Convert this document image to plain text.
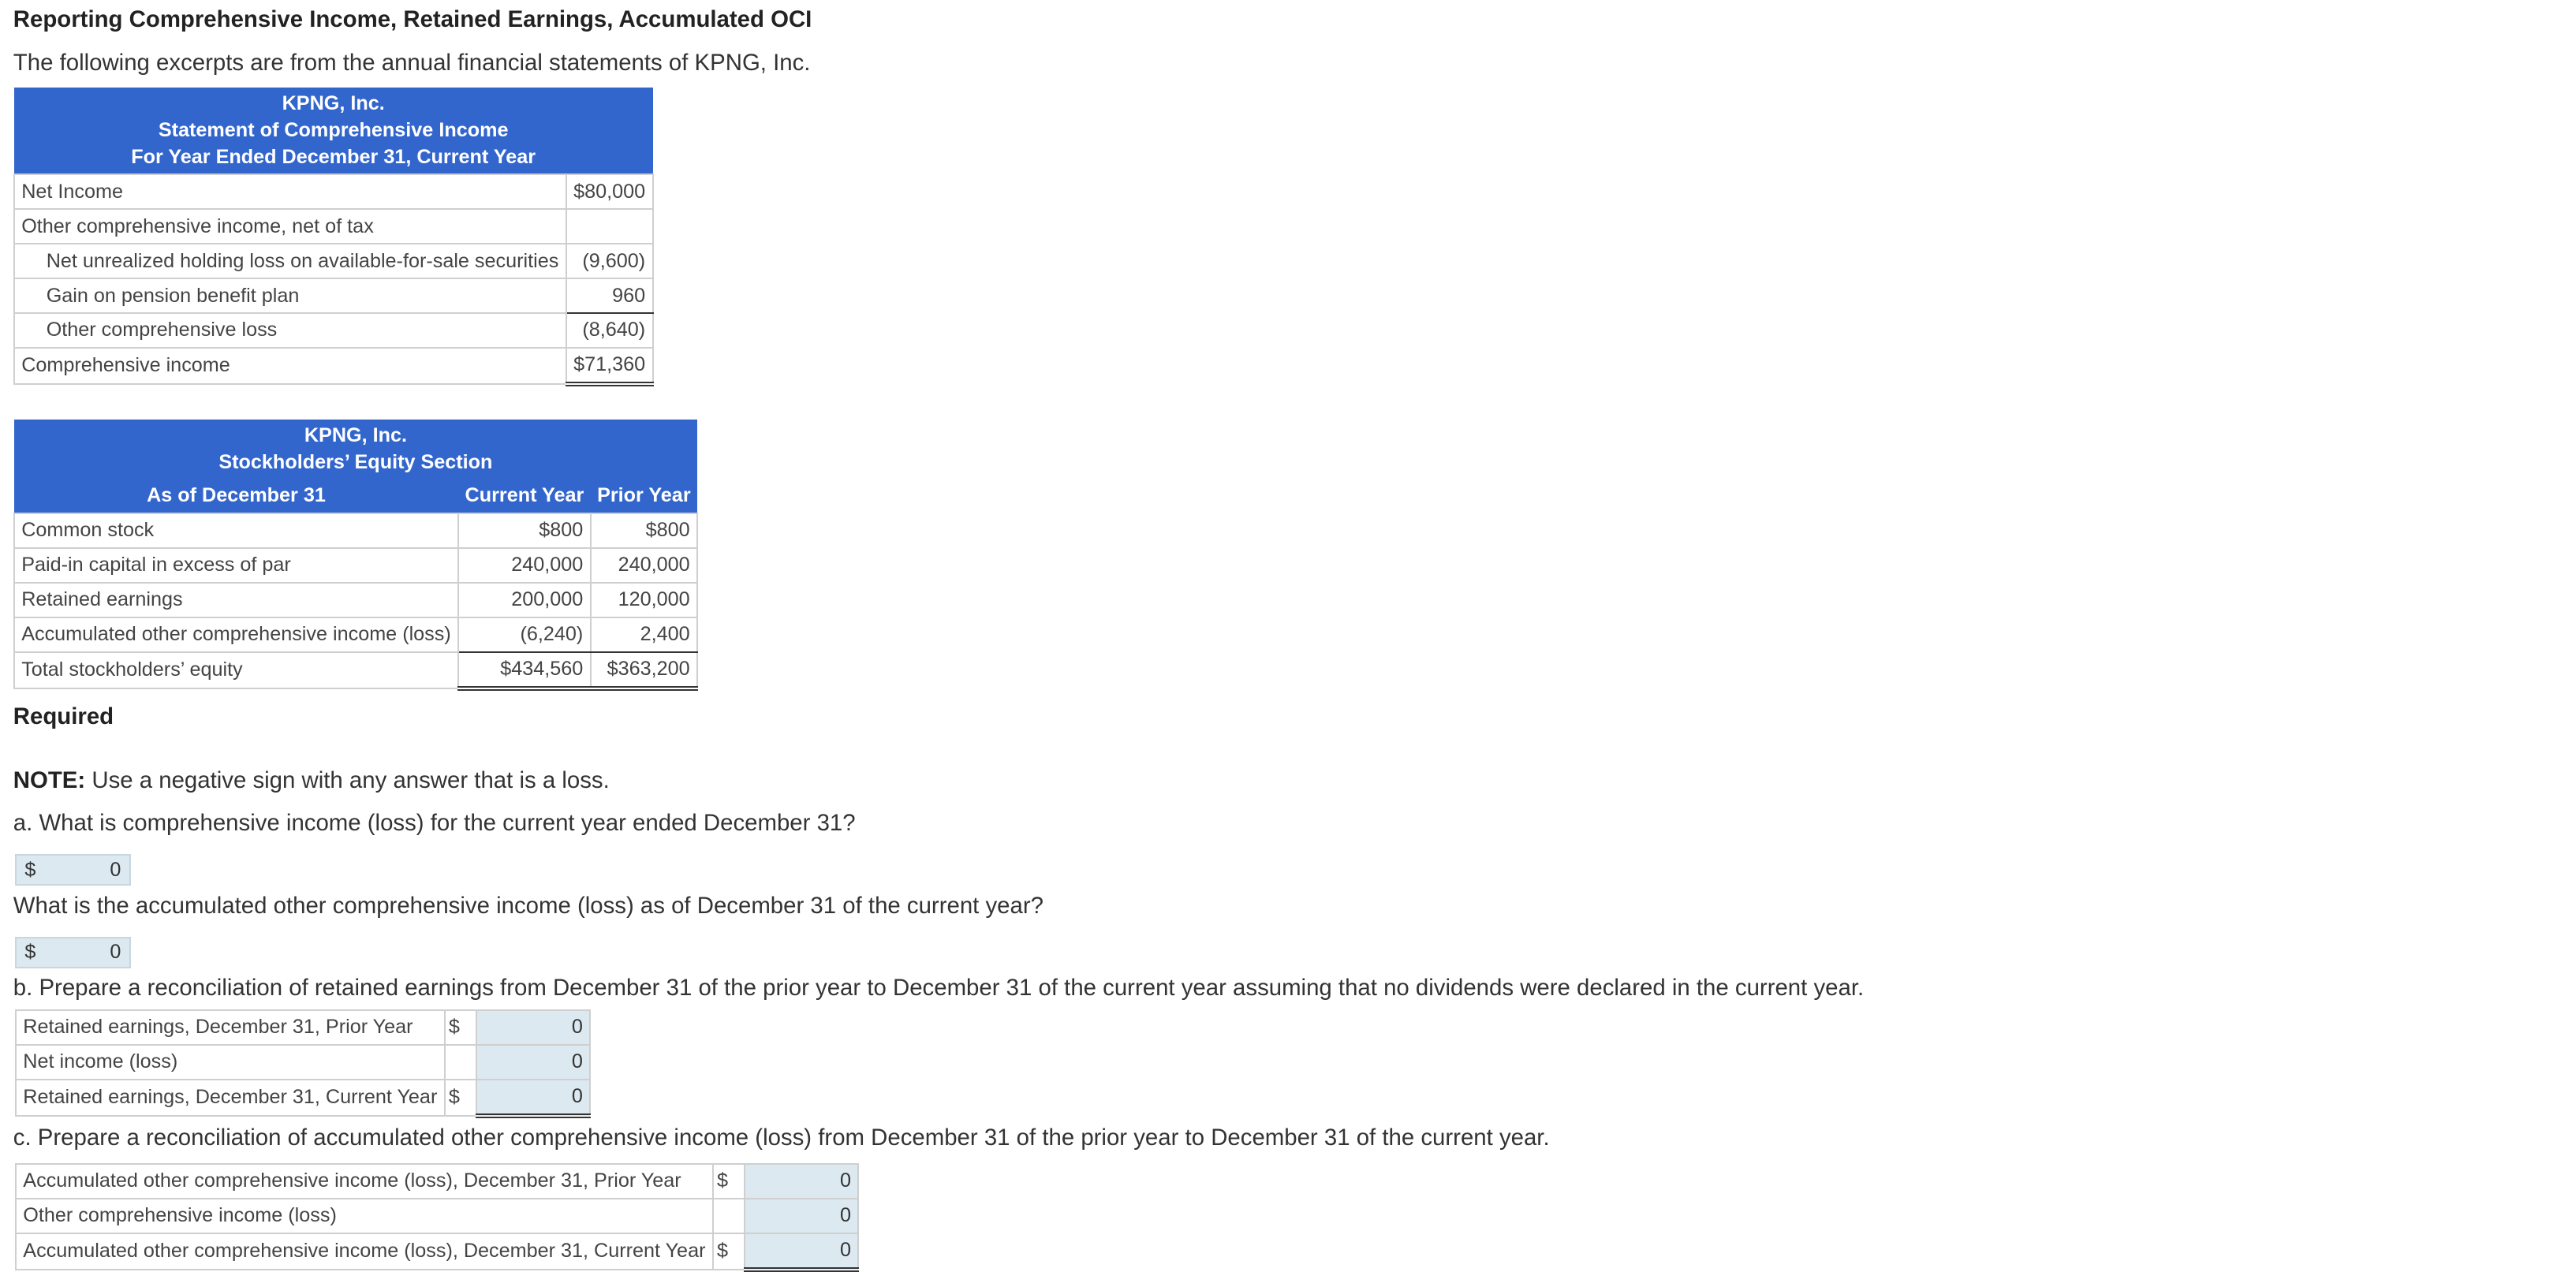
Reporting Comprehensive Income, Retained Earnings, Accumulated OCI
The following excerpts are from the annual financial statements of KPNG, Inc.
KPNG, Inc.
Statement of Comprehensive Income
For Year Ended December 31, Current Year	

Net Income	$80,000
Other comprehensive income, net of tax	
Net unrealized holding loss on available-for-sale securities	(9,600)
Gain on pension benefit plan	960
Other comprehensive loss	(8,640)
Comprehensive income	$71,360
KPNG, Inc.
Stockholders’ Equity Section		

As of December 31	Current Year	Prior Year
Common stock	$800	$800
Paid-in capital in excess of par	240,000	240,000
Retained earnings	200,000	120,000
Accumulated other comprehensive income (loss)	(6,240)	2,400
Total stockholders’ equity	$434,560	$363,200
Required
NOTE: Use a negative sign with any answer that is a loss.
a. What is comprehensive income (loss) for the current year ended December 31?
$
0
What is the accumulated other comprehensive income (loss) as of December 31 of the current year?
$
0
b. Prepare a reconciliation of retained earnings from December 31 of the prior year to December 31 of the current year assuming that no dividends were declared in the current year.
Retained earnings, December 31, Prior Year	$	0
Net income (loss)		0
Retained earnings, December 31, Current Year	$	0
c. Prepare a reconciliation of accumulated other comprehensive income (loss) from December 31 of the prior year to December 31 of the current year.
Accumulated other comprehensive income (loss), December 31, Prior Year	$	0
Other comprehensive income (loss)		0
Accumulated other comprehensive income (loss), December 31, Current Year	$	0
